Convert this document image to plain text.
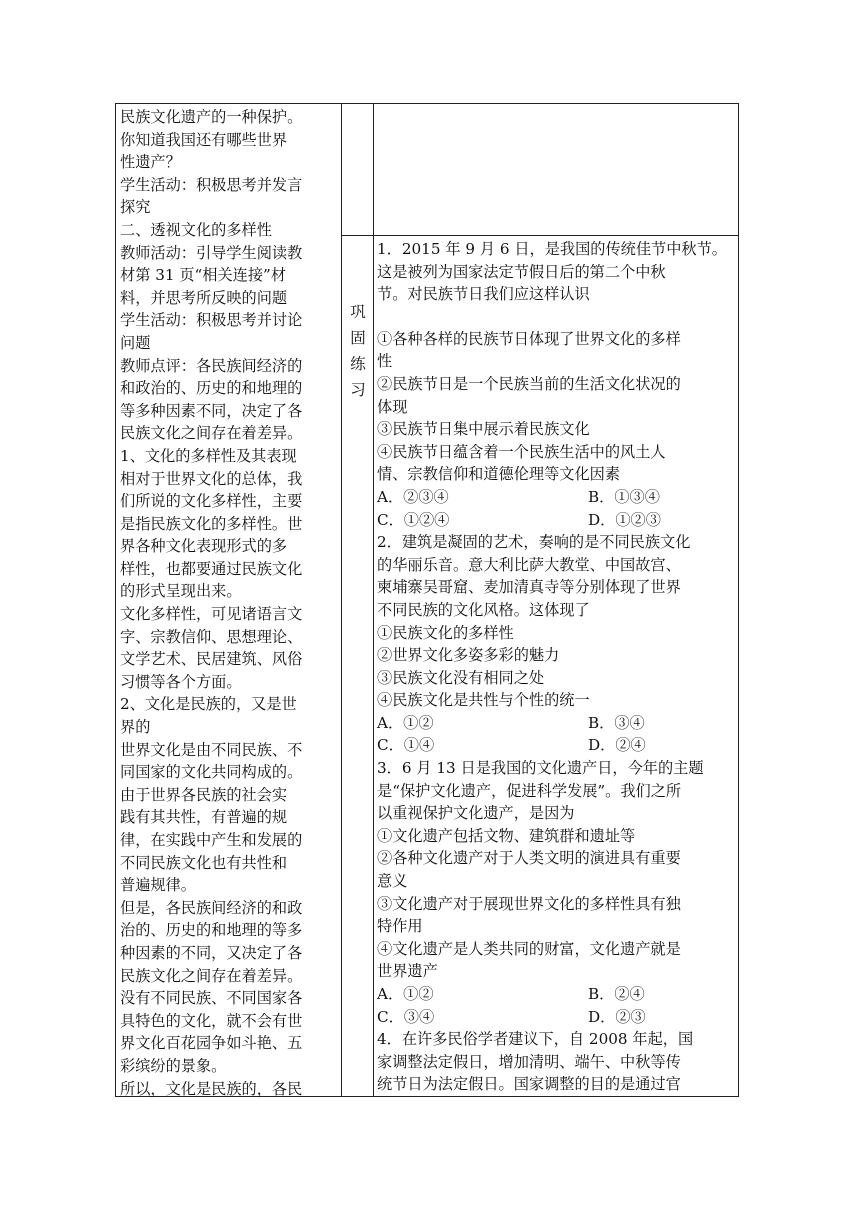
民族文化遗产的一种保护。

你知道我国还有哪些世界

性遗产？

学生活动：积极思考并发言

探究

二、透视文化的多样性

教师活动：引导学生阅读教

材第 31 页“相关连接”材

料，并思考所反映的问题

学生活动：积极思考并讨论

问题

教师点评：各民族间经济的

和政治的、历史的和地理的

等多种因素不同，决定了各

民族文化之间存在着差异。

1、文化的多样性及其表现

相对于世界文化的总体，我

们所说的文化多样性，主要

是指民族文化的多样性。世

界各种文化表现形式的多

样性，也都要通过民族文化

的形式呈现出来。

文化多样性，可见诸语言文

字、宗教信仰、思想理论、

文学艺术、民居建筑、风俗

习惯等各个方面。

2、文化是民族的，又是世

界的

世界文化是由不同民族、不

同国家的文化共同构成的。

由于世界各民族的社会实

践有其共性，有普遍的规

律，在实践中产生和发展的

不同民族文化也有共性和

普遍规律。

但是，各民族间经济的和政

治的、历史的和地理的等多

种因素的不同，又决定了各

民族文化之间存在着差异。

没有不同民族、不同国家各

具特色的文化，就不会有世

界文化百花园争如斗艳、五

彩缤纷的景象。

所以，文化是民族的，各民

巩
固
练
习

1．2015 年 9 月 6 日，是我国的传统佳节中秋节。

这是被列为国家法定节假日后的第二个中秋

节。对民族节日我们应这样认识

①各种各样的民族节日体现了世界文化的多样

性

②民族节日是一个民族当前的生活文化状况的

体现

③民族节日集中展示着民族文化

④民族节日蕴含着一个民族生活中的风土人

情、宗教信仰和道德伦理等文化因素

A．②③④	B．①③④

C．①②④	D．①②③

2．建筑是凝固的艺术，奏响的是不同民族文化

的华丽乐音。意大利比萨大教堂、中国故宫、

柬埔寨吴哥窟、麦加清真寺等分别体现了世界

不同民族的文化风格。这体现了

①民族文化的多样性

②世界文化多姿多彩的魅力

③民族文化没有相同之处

④民族文化是共性与个性的统一

A．①②	B．③④

C．①④	D．②④

3．6 月 13 日是我国的文化遗产日，今年的主题

是“保护文化遗产，促进科学发展”。我们之所

以重视保护文化遗产，是因为

①文化遗产包括文物、建筑群和遗址等

②各种文化遗产对于人类文明的演进具有重要

意义

③文化遗产对于展现世界文化的多样性具有独

特作用

④文化遗产是人类共同的财富，文化遗产就是

世界遗产

A．①②	B．②④

C．③④	D．②③

4．在许多民俗学者建议下，自 2008 年起，国

家调整法定假日，增加清明、端午、中秋等传

统节日为法定假日。国家调整的目的是通过官
